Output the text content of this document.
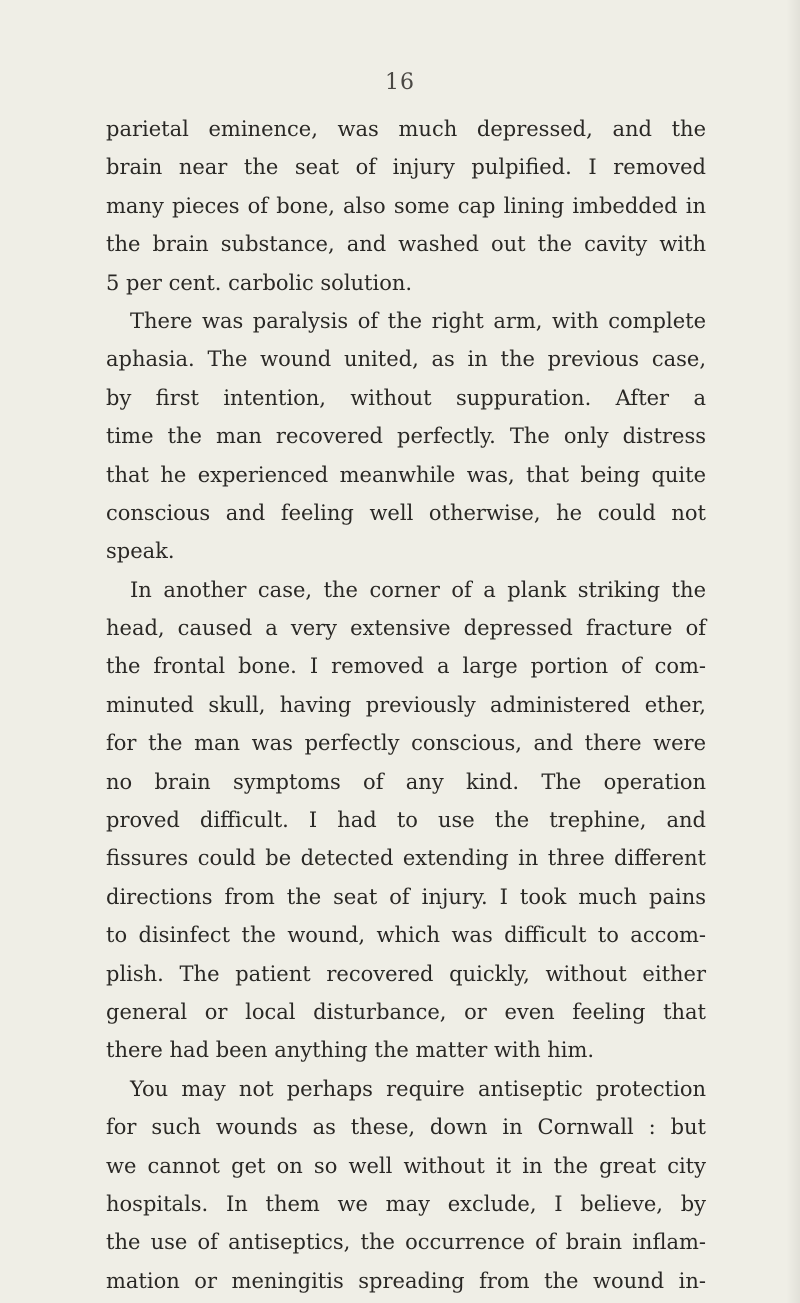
16
parietal eminence, was much depressed, and the
brain near the seat of injury pulpified. I removed
many pieces of bone, also some cap lining imbedded in
the brain substance, and washed out the cavity with
5 per cent. carbolic solution.
There was paralysis of the right arm, with complete
aphasia. The wound united, as in the previous case,
by first intention, without suppuration. After a
time the man recovered perfectly. The only distress
that he experienced meanwhile was, that being quite
conscious and feeling well otherwise, he could not
speak.
In another case, the corner of a plank striking the
head, caused a very extensive depressed fracture of
the frontal bone. I removed a large portion of com-
minuted skull, having previously administered ether,
for the man was perfectly conscious, and there were
no brain symptoms of any kind. The operation
proved difficult. I had to use the trephine, and
fissures could be detected extending in three different
directions from the seat of injury. I took much pains
to disinfect the wound, which was difficult to accom-
plish. The patient recovered quickly, without either
general or local disturbance, or even feeling that
there had been anything the matter with him.
You may not perhaps require antiseptic protection
for such wounds as these, down in Cornwall : but
we cannot get on so well without it in the great city
hospitals. In them we may exclude, I believe, by
the use of antiseptics, the occurrence of brain inflam-
mation or meningitis spreading from the wound in-
